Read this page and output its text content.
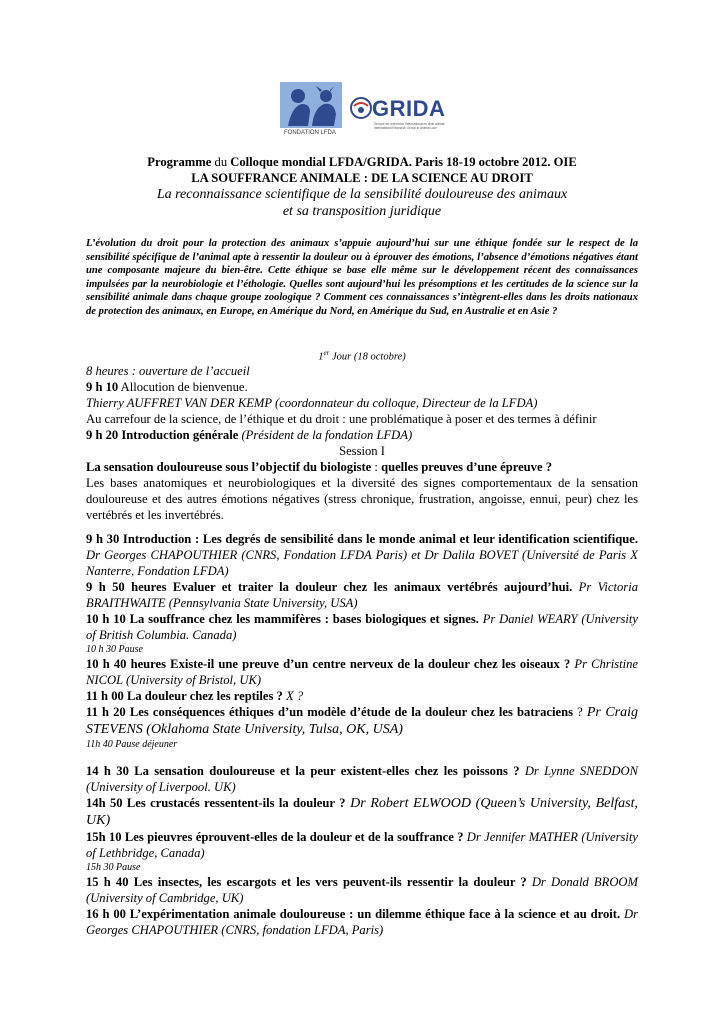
FONDATION LFDA
GRIDA
Groupe de recherche International en droit animal · International Research Group in Animal Law
Programme du Colloque mondial LFDA/GRIDA. Paris 18-19 octobre 2012. OIE
LA SOUFFRANCE ANIMALE : DE LA SCIENCE AU DROIT
La reconnaissance scientifique de la sensibilité douloureuse des animaux
et sa transposition juridique
L’évolution du droit pour la protection des animaux s’appuie aujourd’hui sur une éthique fondée sur le respect de la sensibilité spécifique de l’animal apte à ressentir la douleur ou à éprouver des émotions, l’absence d’émotions négatives étant une composante majeure du bien-être. Cette éthique se base elle même sur le développement récent des connaissances impulsées par la neurobiologie et l’éthologie. Quelles sont aujourd’hui les présomptions et les certitudes de la science sur la sensibilité animale dans chaque groupe zoologique ? Comment ces connaissances s’intègrent-elles dans les droits nationaux de protection des animaux, en Europe, en Amérique du Nord, en Amérique du Sud, en Australie et en Asie ?
1er Jour (18 octobre)
8 heures : ouverture de l’accueil
9 h 10 Allocution de bienvenue.
Thierry AUFFRET VAN DER KEMP (coordonnateur du colloque, Directeur de la LFDA)
Au carrefour de la science, de l’éthique et du droit : une problématique à poser et des termes à définir
9 h 20 Introduction générale (Président de la fondation LFDA)
Session I
La sensation douloureuse sous l’objectif du biologiste : quelles preuves d’une épreuve ?
Les bases anatomiques et neurobiologiques et la diversité des signes comportementaux de la sensation douloureuse et des autres émotions négatives (stress chronique, frustration, angoisse, ennui, peur) chez les vertébrés et les invertébrés.
9 h 30 Introduction : Les degrés de sensibilité dans le monde animal et leur identification scientifique. Dr Georges CHAPOUTHIER (CNRS, Fondation LFDA Paris) et Dr Dalila BOVET (Université de Paris X Nanterre, Fondation LFDA)
9 h 50 heures Evaluer et traiter la douleur chez les animaux vertébrés aujourd’hui. Pr Victoria BRAITHWAITE (Pennsylvania State University, USA)
10 h 10 La souffrance chez les mammifères : bases biologiques et signes. Pr Daniel WEARY (University of British Columbia. Canada)
10 h 30 Pause
10 h 40 heures Existe-il une preuve d’un centre nerveux de la douleur chez les oiseaux ? Pr Christine NICOL (University of Bristol, UK)
11 h 00 La douleur chez les reptiles ? X ?
11 h 20 Les conséquences éthiques d’un modèle d’étude de la douleur chez les batraciens ? Pr Craig STEVENS (Oklahoma State University, Tulsa, OK, USA)
11h 40 Pause déjeuner
14 h 30 La sensation douloureuse et la peur existent-elles chez les poissons ? Dr Lynne SNEDDON (University of Liverpool. UK)
14h 50 Les crustacés ressentent-ils la douleur ? Dr Robert ELWOOD (Queen’s University, Belfast, UK)
15h 10 Les pieuvres éprouvent-elles de la douleur et de la souffrance ? Dr Jennifer MATHER (University of Lethbridge, Canada)
15h 30 Pause
15 h 40 Les insectes, les escargots et les vers peuvent-ils ressentir la douleur ? Dr Donald BROOM (University of Cambridge, UK)
16 h 00 L’expérimentation animale douloureuse : un dilemme éthique face à la science et au droit. Dr Georges CHAPOUTHIER (CNRS, fondation LFDA, Paris)
